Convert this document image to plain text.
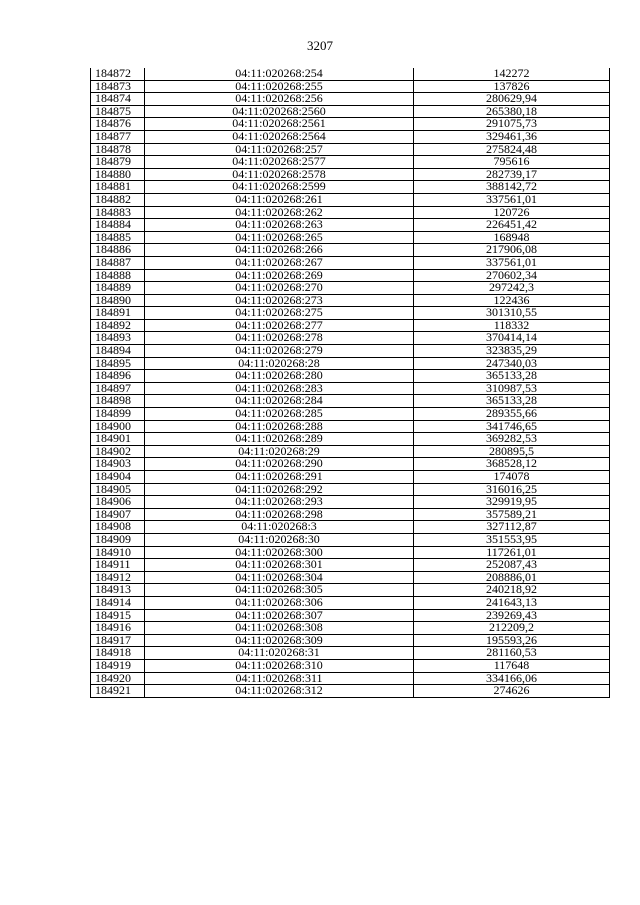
3207
184872	04:11:020268:254	142272
184873	04:11:020268:255	137826
184874	04:11:020268:256	280629,94
184875	04:11:020268:2560	265380,18
184876	04:11:020268:2561	291075,73
184877	04:11:020268:2564	329461,36
184878	04:11:020268:257	275824,48
184879	04:11:020268:2577	795616
184880	04:11:020268:2578	282739,17
184881	04:11:020268:2599	388142,72
184882	04:11:020268:261	337561,01
184883	04:11:020268:262	120726
184884	04:11:020268:263	226451,42
184885	04:11:020268:265	168948
184886	04:11:020268:266	217906,08
184887	04:11:020268:267	337561,01
184888	04:11:020268:269	270602,34
184889	04:11:020268:270	297242,3
184890	04:11:020268:273	122436
184891	04:11:020268:275	301310,55
184892	04:11:020268:277	118332
184893	04:11:020268:278	370414,14
184894	04:11:020268:279	323835,29
184895	04:11:020268:28	247340,03
184896	04:11:020268:280	365133,28
184897	04:11:020268:283	310987,53
184898	04:11:020268:284	365133,28
184899	04:11:020268:285	289355,66
184900	04:11:020268:288	341746,65
184901	04:11:020268:289	369282,53
184902	04:11:020268:29	280895,5
184903	04:11:020268:290	368528,12
184904	04:11:020268:291	174078
184905	04:11:020268:292	316016,25
184906	04:11:020268:293	329919,95
184907	04:11:020268:298	357589,21
184908	04:11:020268:3	327112,87
184909	04:11:020268:30	351553,95
184910	04:11:020268:300	117261,01
184911	04:11:020268:301	252087,43
184912	04:11:020268:304	208886,01
184913	04:11:020268:305	240218,92
184914	04:11:020268:306	241643,13
184915	04:11:020268:307	239269,43
184916	04:11:020268:308	212209,2
184917	04:11:020268:309	195593,26
184918	04:11:020268:31	281160,53
184919	04:11:020268:310	117648
184920	04:11:020268:311	334166,06
184921	04:11:020268:312	274626
